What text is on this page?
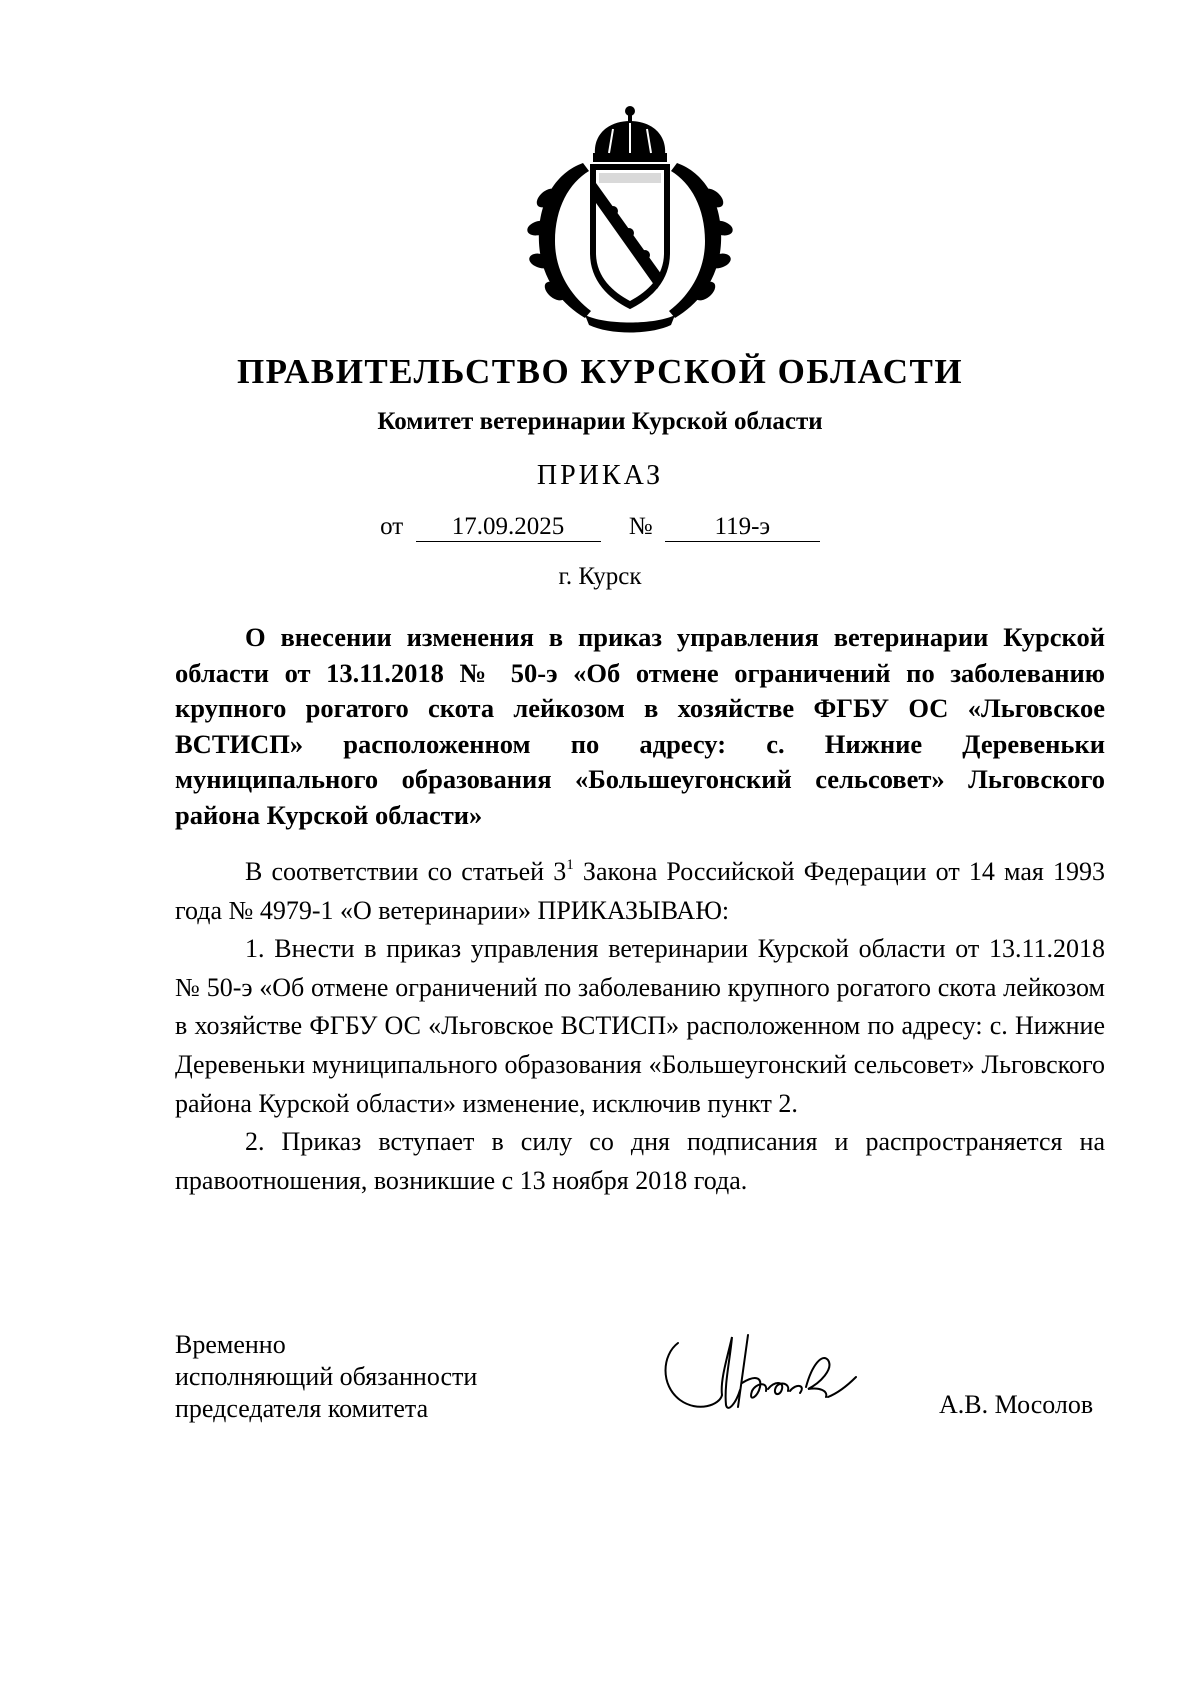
ПРАВИТЕЛЬСТВО КУРСКОЙ ОБЛАСТИ
Комитет ветеринарии Курской области
ПРИКАЗ
от 17.09.2025	№ 119-э
г. Курск

О внесении изменения в приказ управления ветеринарии Курской области от 13.11.2018 № 50-э «Об отмене ограничений по заболеванию крупного рогатого скота лейкозом в хозяйстве ФГБУ ОС «Льговское ВСТИСП» расположенном по адресу: с. Нижние Деревеньки муниципального образования «Большеугонский сельсовет» Льговского района Курской области»

В соответствии со статьей $3^1$ Закона Российской Федерации от 14 мая 1993 года № 4979-1 «О ветеринарии» ПРИКАЗЫВАЮ:

1. Внести в приказ управления ветеринарии Курской области от 13.11.2018 № 50-э «Об отмене ограничений по заболеванию крупного рогатого скота лейкозом в хозяйстве ФГБУ ОС «Льговское ВСТИСП» расположенном по адресу: с. Нижние Деревеньки муниципального образования «Большеугонский сельсовет» Льговского района Курской области» изменение, исключив пункт 2.

2. Приказ вступает в силу со дня подписания и распространяется на правоотношения, возникшие с 13 ноября 2018 года.

Временно
исполняющий обязанности
председателя комитета	А.В. Мосолов
